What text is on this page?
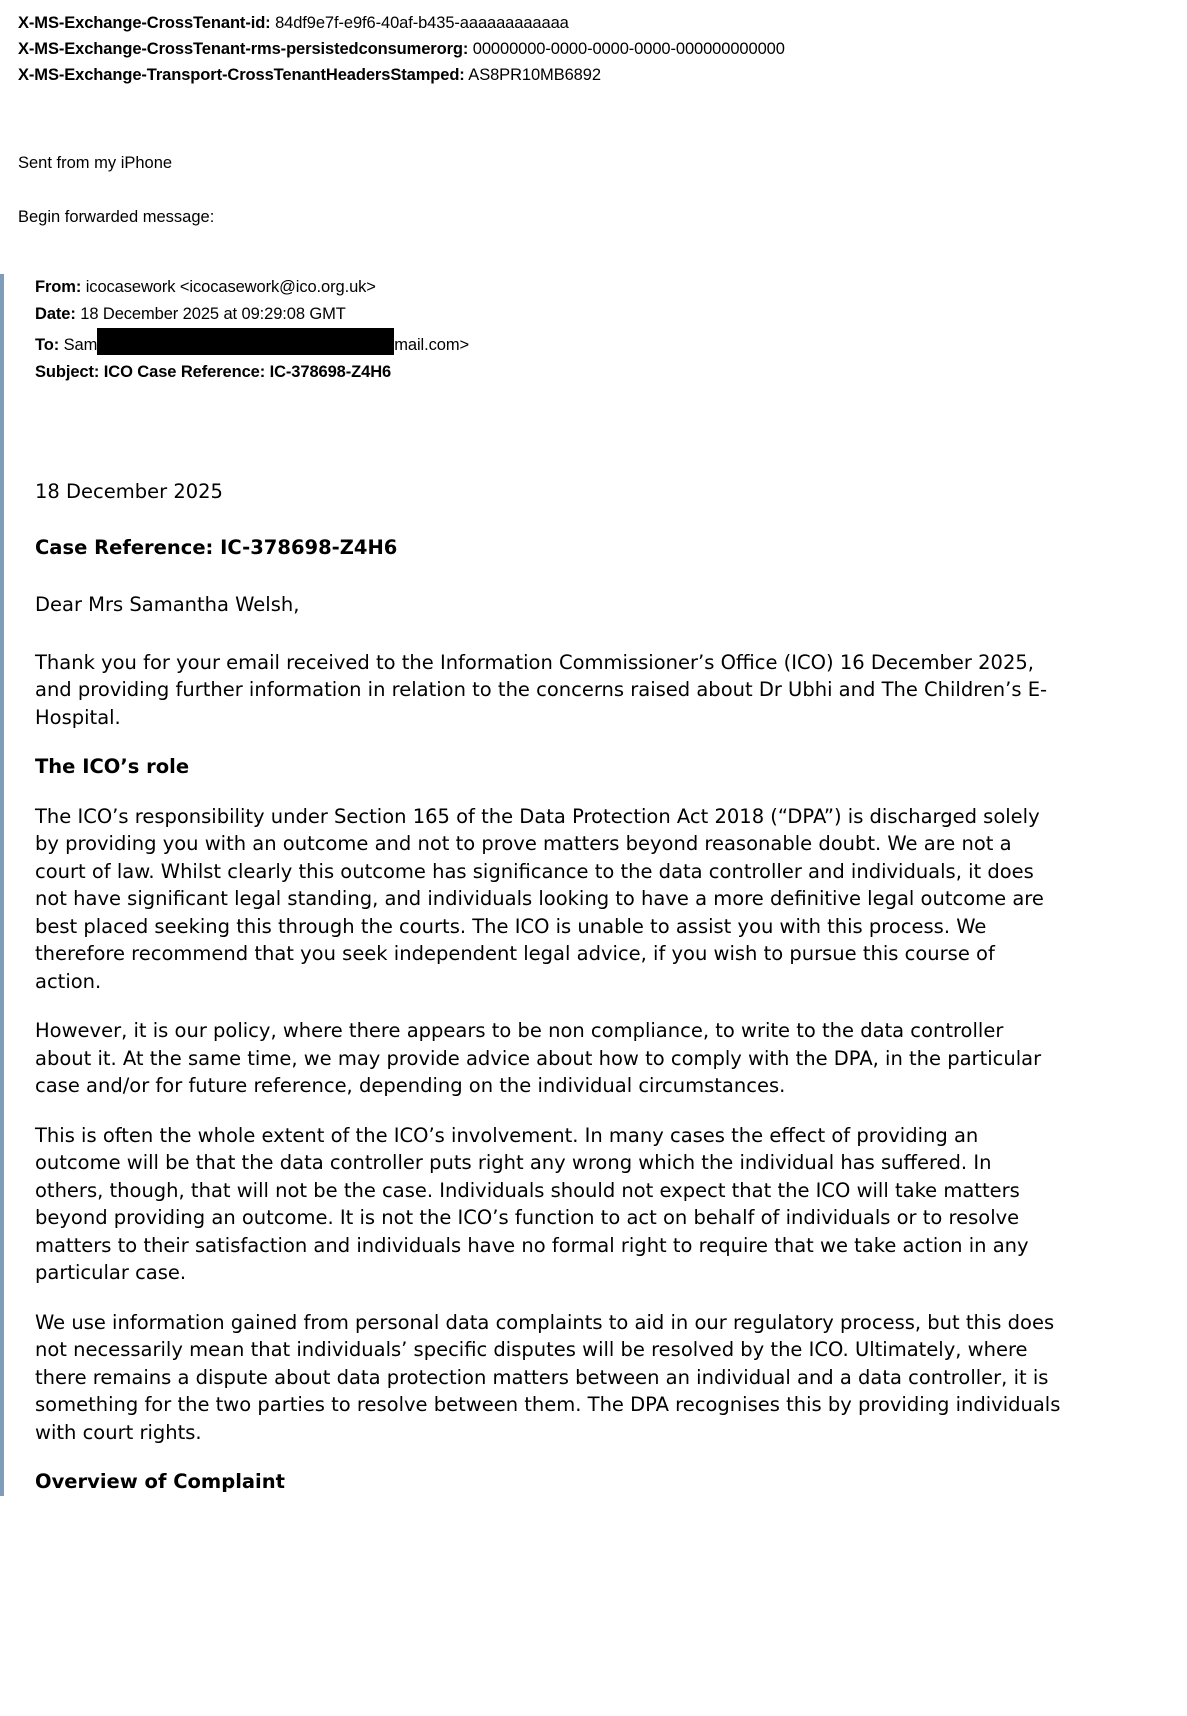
X-MS-Exchange-CrossTenant-id: 84df9e7f-e9f6-40af-b435-aaaaaaaaaaaa
X-MS-Exchange-CrossTenant-rms-persistedconsumerorg: 00000000-0000-0000-0000-000000000000
X-MS-Exchange-Transport-CrossTenantHeadersStamped: AS8PR10MB6892
Sent from my iPhone
Begin forwarded message:
From: icocasework <icocasework@ico.org.uk>
Date: 18 December 2025 at 09:29:08 GMT
To: Sam	mail.com>
Subject: ICO Case Reference: IC-378698-Z4H6

18 December 2025

Case Reference: IC-378698-Z4H6

Dear Mrs Samantha Welsh,

Thank you for your email received to the Information Commissioner’s Office (ICO) 16 December 2025, and providing further information in relation to the concerns raised about Dr Ubhi and The Children’s E-Hospital.

The ICO’s role

The ICO’s responsibility under Section 165 of the Data Protection Act 2018 (“DPA”) is discharged solely by providing you with an outcome and not to prove matters beyond reasonable doubt. We are not a court of law. Whilst clearly this outcome has significance to the data controller and individuals, it does not have significant legal standing, and individuals looking to have a more definitive legal outcome are best placed seeking this through the courts. The ICO is unable to assist you with this process. We therefore recommend that you seek independent legal advice, if you wish to pursue this course of action.

However, it is our policy, where there appears to be non compliance, to write to the data controller about it. At the same time, we may provide advice about how to comply with the DPA, in the particular case and/or for future reference, depending on the individual circumstances.

This is often the whole extent of the ICO’s involvement. In many cases the effect of providing an outcome will be that the data controller puts right any wrong which the individual has suffered. In others, though, that will not be the case. Individuals should not expect that the ICO will take matters beyond providing an outcome. It is not the ICO’s function to act on behalf of individuals or to resolve matters to their satisfaction and individuals have no formal right to require that we take action in any particular case.

We use information gained from personal data complaints to aid in our regulatory process, but this does not necessarily mean that individuals’ specific disputes will be resolved by the ICO. Ultimately, where there remains a dispute about data protection matters between an individual and a data controller, it is something for the two parties to resolve between them. The DPA recognises this by providing individuals with court rights.

Overview of Complaint
